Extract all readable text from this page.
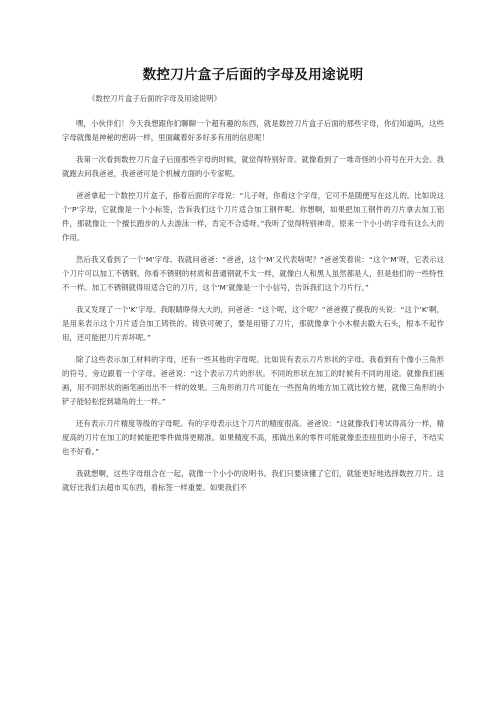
数控刀片盒子后面的字母及用途说明

《数控刀片盒子后面的字母及用途说明》

嘿，小伙伴们！今天我想跟你们聊聊一个超有趣的东西，就是数控刀片盒子后面的那些字母，你们知道吗，这些字母就像是神秘的密码一样，里面藏着好多好多有用的信息呢！

我第一次看到数控刀片盒子后面那些字母的时候，就觉得特别好奇。就像看到了一堆奇怪的小符号在开大会。我就跑去问我爸爸，我爸爸可是个机械方面的小专家呢。

爸爸拿起一个数控刀片盒子，指着后面的字母说：“儿子呀，你看这个字母，它可不是随便写在这儿的。比如说这个‘P’字母，它就像是一个小标签，告诉我们这个刀片适合加工钢件呢。你想啊，如果把加工钢件的刀片拿去加工铝件，那就像让一个擅长跑步的人去游泳一样，肯定不合适呀。”我听了觉得特别神奇，原来一个小小的字母有这么大的作用。

然后我又看到了一个‘M’字母。我就问爸爸：“爸爸，这个‘M’又代表啥呢？”爸爸笑着说：“这个‘M’呀，它表示这个刀片可以加工不锈钢。你看不锈钢的材质和普通钢就不太一样，就像白人和黑人虽然都是人，但是他们的一些特性不一样。加工不锈钢就得用适合它的刀片，这个‘M’就像是一个小信号，告诉我们这个刀片行。”

我又发现了一个‘K’字母。我眼睛睁得大大的，问爸爸：“这个呢，这个呢？”爸爸摸了摸我的头说：“这个‘K’啊，是用来表示这个刀片适合加工铸铁的。铸铁可硬了，要是用错了刀片，那就像拿个小木棍去戳大石头，根本不起作用，还可能把刀片弄坏呢。”

除了这些表示加工材料的字母，还有一些其他的字母呢。比如说有表示刀片形状的字母。我看到有个像小三角形的符号，旁边跟着一个字母。爸爸说：“这个表示刀片的形状。不同的形状在加工的时候有不同的用途。就像我们画画，用不同形状的画笔画出出不一样的效果。三角形的刀片可能在一些拐角的地方加工就比较方便，就像三角形的小铲子能轻松挖到墙角的土一样。”

还有表示刀片精度等级的字母呢。有的字母表示这个刀片的精度很高。爸爸说：“这就像我们考试得高分一样，精度高的刀片在加工的时候能把零件做得更精准。如果精度不高，那做出来的零件可能就像歪歪扭扭的小房子，不结实也不好看。”

我就想啊，这些字母组合在一起，就像一个小小的说明书。我们只要读懂了它们，就能更好地选择数控刀片。这就好比我们去超市买东西，看标签一样重要。如果我们不
